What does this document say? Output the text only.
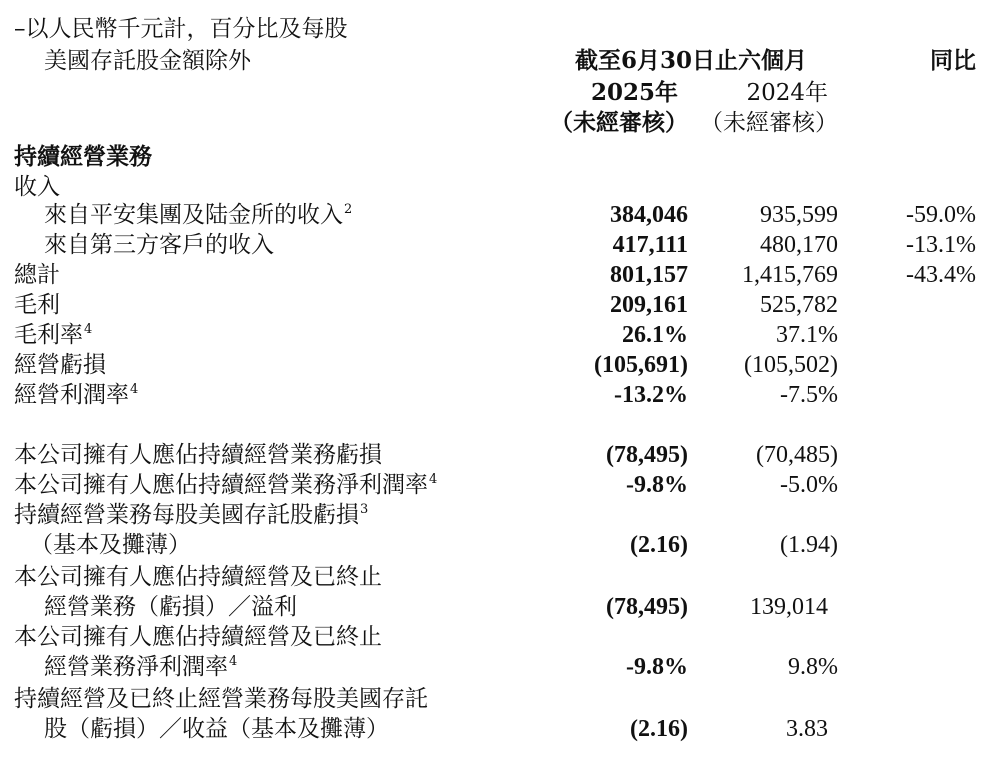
–以人民幣千元計，百分比及每股
美國存託股金額除外	截至6月30日止六個月	同比
2025年	2024年
（未經審核） （未經審核）
持續經營業務
收入
來自平安集團及陆金所的收入$^2$	384,046	935,599	-59.0%
來自第三方客戶的收入	417,111	480,170	-13.1%
總計	801,157	1,415,769	-43.4%
毛利	209,161	525,782
毛利率$^4$	26.1%	37.1%
經營虧損	(105,691)	(105,502)
經營利潤率$^4$	-13.2%	-7.5%
本公司擁有人應佔持續經營業務虧損	(78,495)	(70,485)
本公司擁有人應佔持續經營業務淨利潤率$^4$	-9.8%	-5.0%
持續經營業務每股美國存託股虧損$^3$
（基本及攤薄）	(2.16)	(1.94)
本公司擁有人應佔持續經營及已終止
經營業務（虧損）／溢利	(78,495)	139,014
本公司擁有人應佔持續經營及已終止
經營業務淨利潤率$^4$	-9.8%	9.8%
持續經營及已終止經營業務每股美國存託
股（虧損）／收益（基本及攤薄）	(2.16)	3.83
